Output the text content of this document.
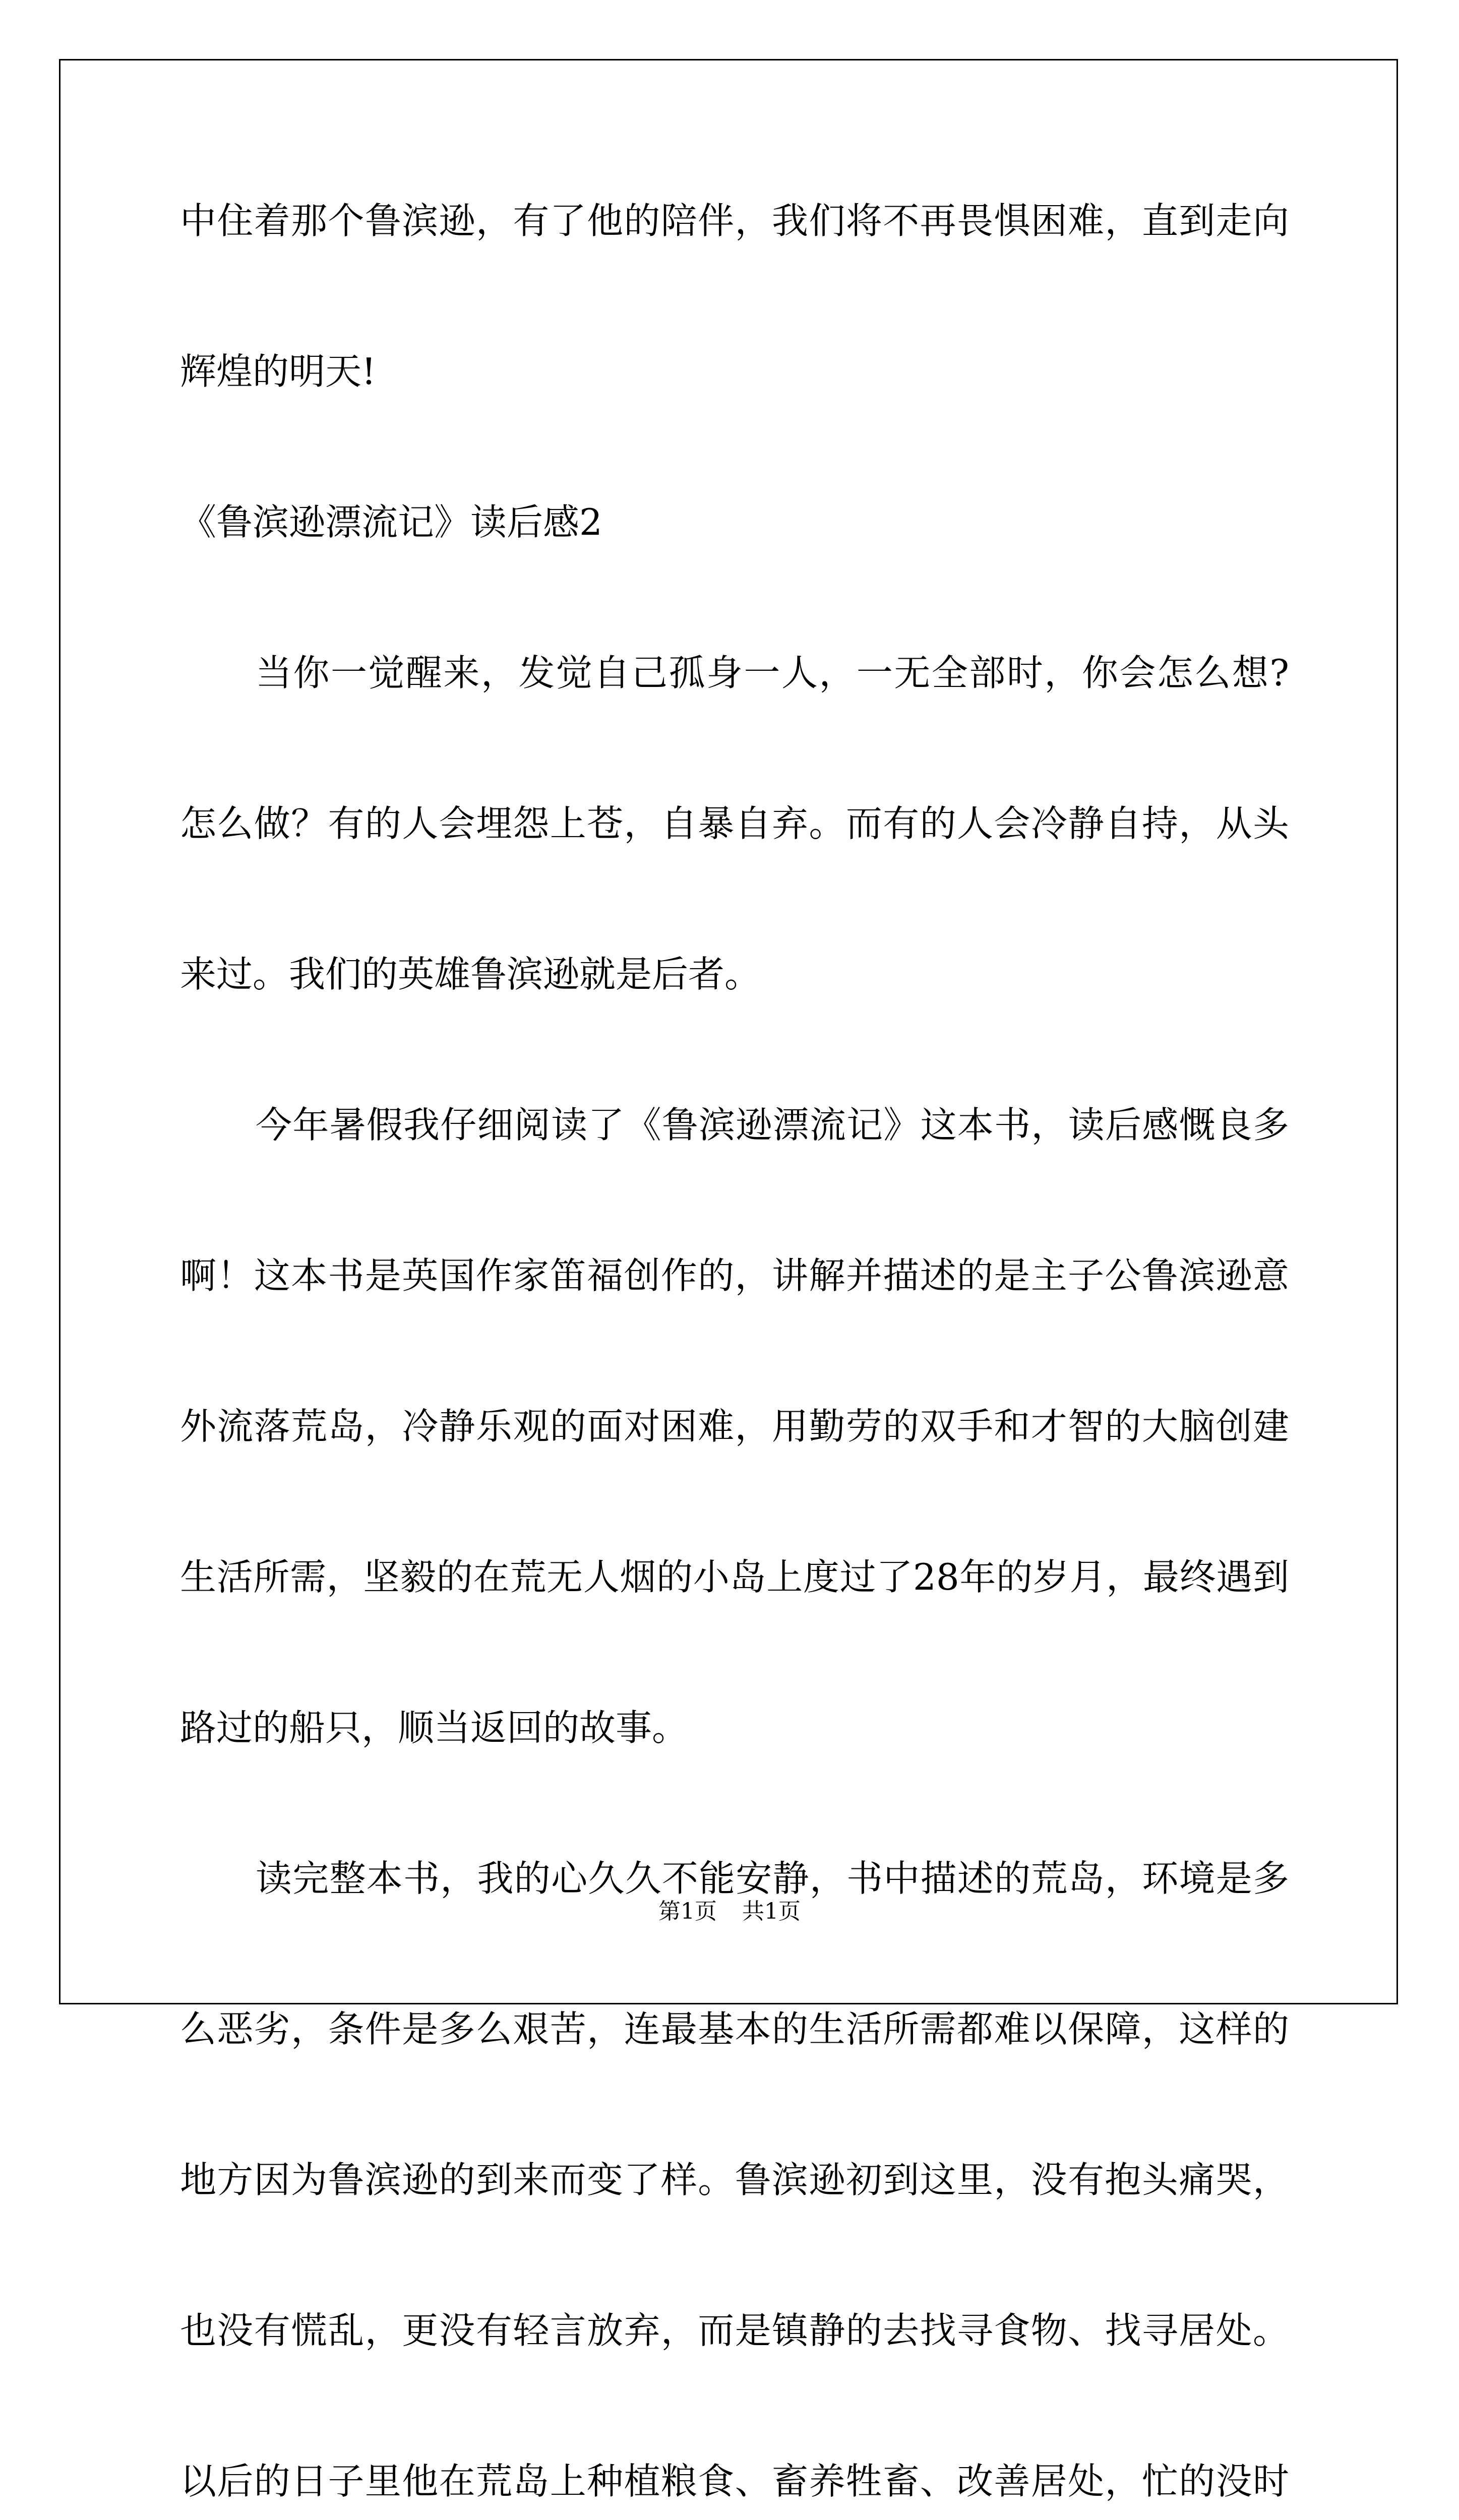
中住着那个鲁滨逊，有了他的陪伴，我们将不再畏惧困难，直到走向
辉煌的明天!
《鲁滨逊漂流记》读后感2
当你一觉醒来，发觉自己孤身一人，一无全部时，你会怎么想?
怎么做？有的人会埋怨上苍，自暴自弃。而有的人会冷静自持，从头
来过。我们的英雄鲁滨逊就是后者。
今年暑假我仔细阅读了《鲁滨逊漂流记》这本书，读后感慨良多
啊！这本书是英国作家笛福创作的，讲解并描述的是主子公鲁滨逊意
外流落荒岛，冷静乐观的面对困难，用勤劳的双手和才智的大脑创建
生活所需，坚毅的在荒无人烟的小岛上度过了28年的岁月，最终遇到
路过的船只，顺当返回的故事。
读完整本书，我的心久久不能安静，书中描述的荒岛，环境是多
么恶劣，条件是多么艰苦，连最基本的生活所需都难以保障，这样的
地方因为鲁滨逊的到来而变了样。鲁滨逊初到这里，没有抱头痛哭，
也没有慌乱，更没有轻言放弃，而是镇静的去找寻食物、找寻居处。
以后的日子里他在荒岛上种植粮食、畜养牲畜、改善居处，忙的没时
第1页 共1页
